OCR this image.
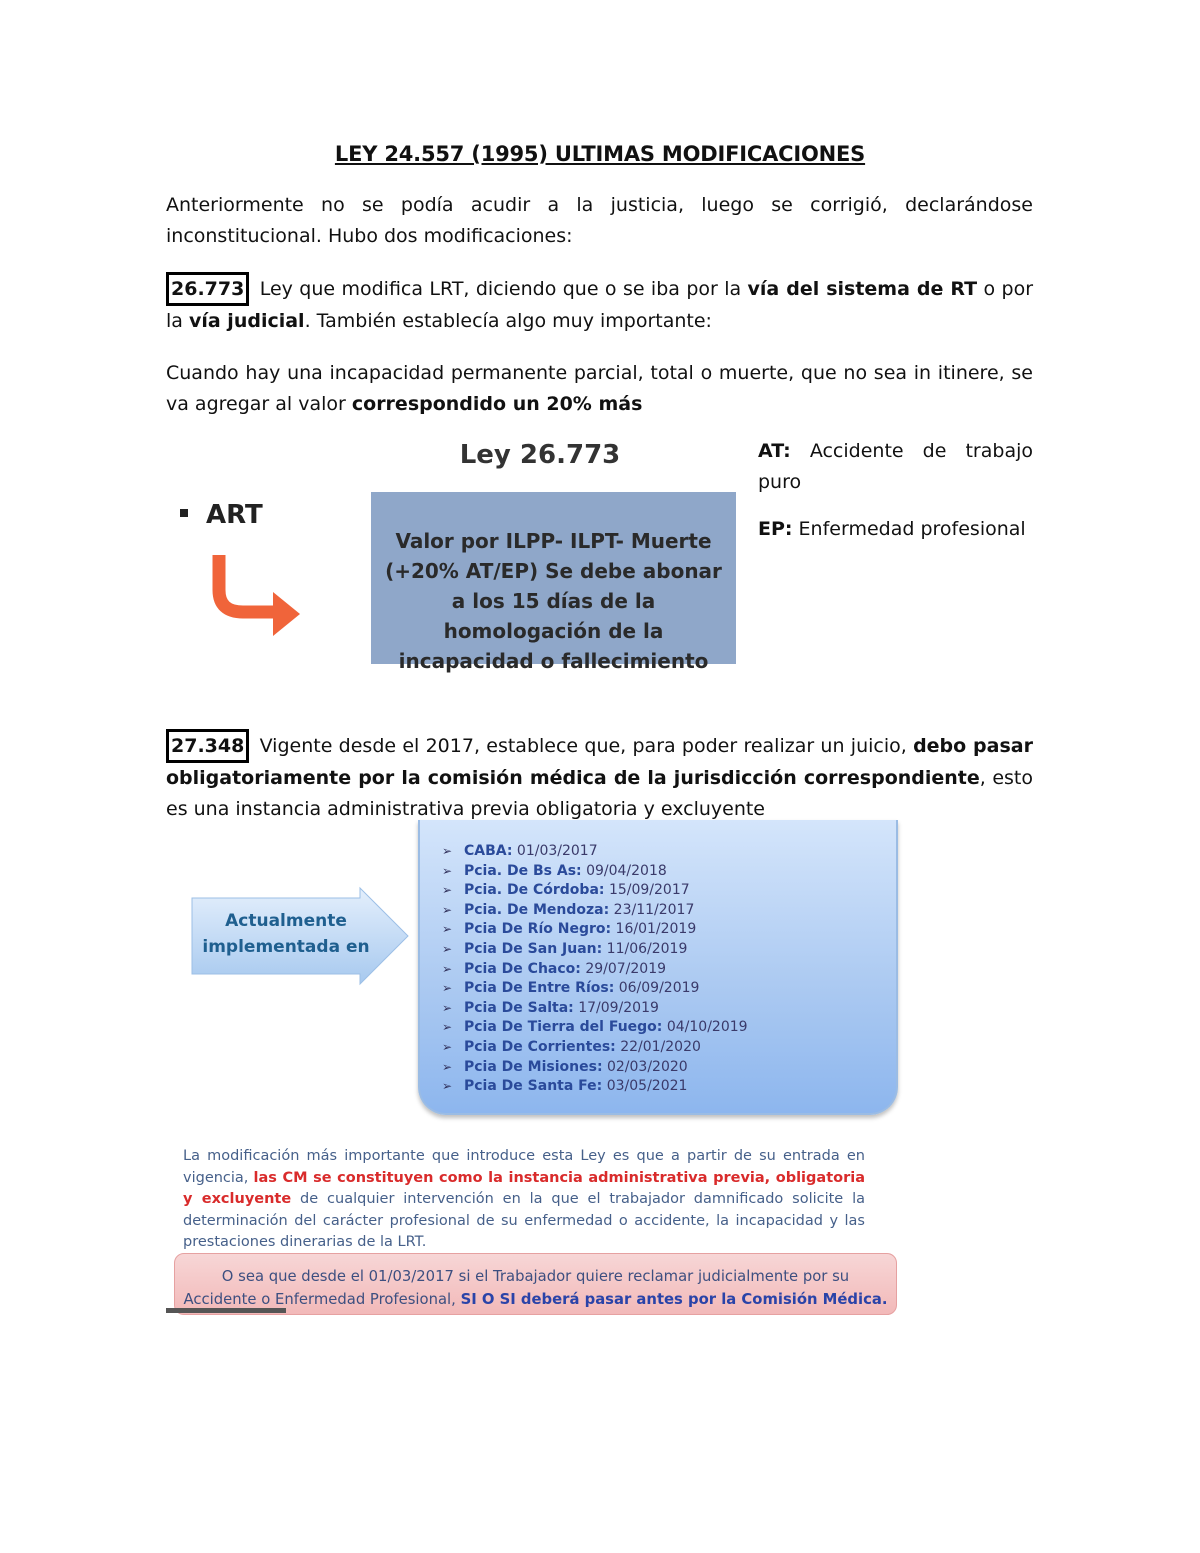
LEY 24.557 (1995) ULTIMAS MODIFICACIONES

Anteriormente no se podía acudir a la justicia, luego se corrigió, declarándose inconstitucional. Hubo dos modificaciones:

26.773 Ley que modifica LRT, diciendo que o se iba por la vía del sistema de RT o por la vía judicial. También establecía algo muy importante:

Cuando hay una incapacidad permanente parcial, total o muerte, que no sea in itinere, se va agregar al valor correspondido un 20% más

Ley 26.773
ART
Valor por ILPP- ILPT- Muerte (+20% AT/EP) Se debe abonar a los 15 días de la homologación de la incapacidad o fallecimiento

AT: Accidente de trabajo puro

EP: Enfermedad profesional

27.348 Vigente desde el 2017, establece que, para poder realizar un juicio, debo pasar obligatoriamente por la comisión médica de la jurisdicción correspondiente, esto es una instancia administrativa previa obligatoria y excluyente

Actualmente implementada en
➢ CABA: 01/03/2017
➢ Pcia. De Bs As: 09/04/2018
➢ Pcia. De Córdoba: 15/09/2017
➢ Pcia. De Mendoza: 23/11/2017
➢ Pcia De Río Negro: 16/01/2019
➢ Pcia De San Juan: 11/06/2019
➢ Pcia De Chaco: 29/07/2019
➢ Pcia De Entre Ríos: 06/09/2019
➢ Pcia De Salta: 17/09/2019
➢ Pcia De Tierra del Fuego: 04/10/2019
➢ Pcia De Corrientes: 22/01/2020
➢ Pcia De Misiones: 02/03/2020
➢ Pcia De Santa Fe: 03/05/2021
La modificación más importante que introduce esta Ley es que a partir de su entrada en vigencia, las CM se constituyen como la instancia administrativa previa, obligatoria y excluyente de cualquier intervención en la que el trabajador damnificado solicite la determinación del carácter profesional de su enfermedad o accidente, la incapacidad y las prestaciones dinerarias de la LRT.
O sea que desde el 01/03/2017 si el Trabajador quiere reclamar judicialmente por su Accidente o Enfermedad Profesional, SI O SI deberá pasar antes por la Comisión Médica.
